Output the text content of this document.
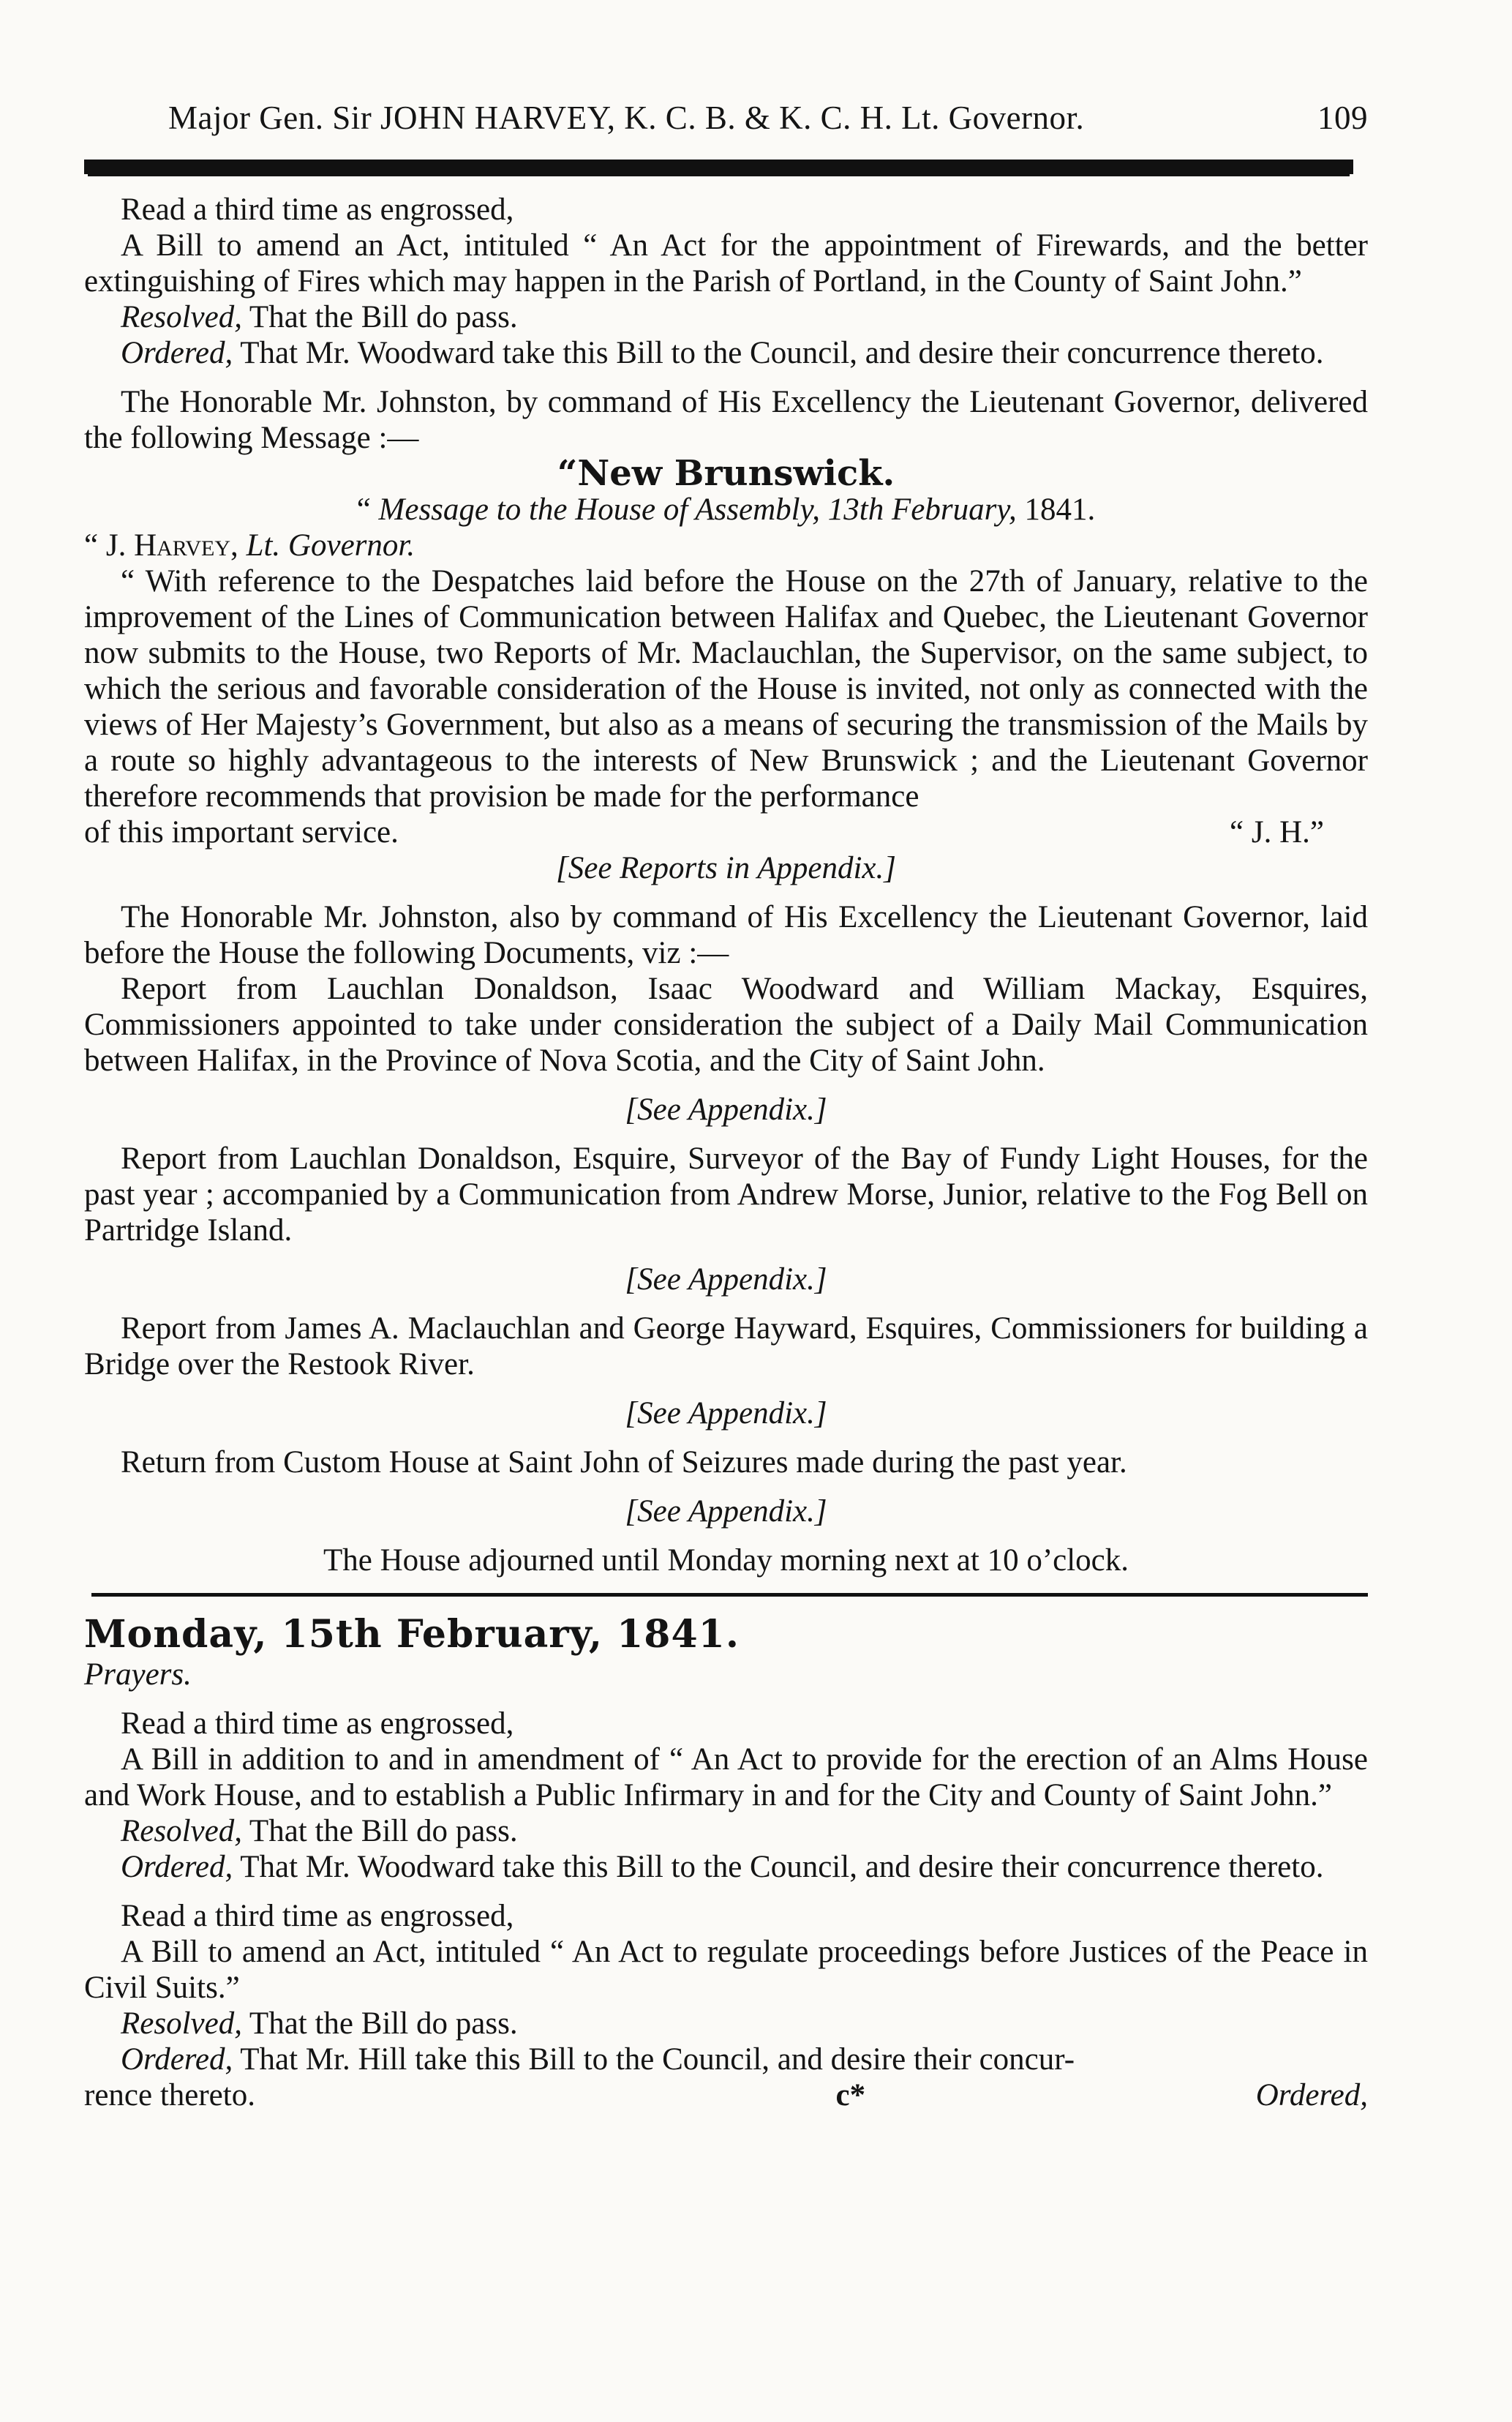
Major Gen. Sir JOHN HARVEY, K. C. B. & K. C. H. Lt. Governor.	109

Read a third time as engrossed,

A Bill to amend an Act, intituled “ An Act for the appointment of Firewards, and the better extinguishing of Fires which may happen in the Parish of Portland, in the County of Saint John.”

Resolved, That the Bill do pass.

Ordered, That Mr. Woodward take this Bill to the Council, and desire their concurrence thereto.

The Honorable Mr. Johnston, by command of His Excellency the Lieutenant Governor, delivered the following Message :—

“New Brunswick.

“ Message to the House of Assembly, 13th February, 1841.

“ J. Harvey, Lt. Governor.

“ With reference to the Despatches laid before the House on the 27th of January, relative to the improvement of the Lines of Communication between Halifax and Quebec, the Lieutenant Governor now submits to the House, two Reports of Mr. Maclauchlan, the Supervisor, on the same subject, to which the serious and favorable consideration of the House is invited, not only as connected with the views of Her Majesty’s Government, but also as a means of securing the transmission of the Mails by a route so highly advantageous to the interests of New Brunswick ; and the Lieutenant Governor therefore recommends that provision be made for the performance

of this important service.	“ J. H.”

[See Reports in Appendix.]

The Honorable Mr. Johnston, also by command of His Excellency the Lieutenant Governor, laid before the House the following Documents, viz :—

Report from Lauchlan Donaldson, Isaac Woodward and William Mackay, Esquires, Commissioners appointed to take under consideration the subject of a Daily Mail Communication between Halifax, in the Province of Nova Scotia, and the City of Saint John.

[See Appendix.]

Report from Lauchlan Donaldson, Esquire, Surveyor of the Bay of Fundy Light Houses, for the past year ; accompanied by a Communication from Andrew Morse, Junior, relative to the Fog Bell on Partridge Island.

[See Appendix.]

Report from James A. Maclauchlan and George Hayward, Esquires, Commissioners for building a Bridge over the Restook River.

[See Appendix.]

Return from Custom House at Saint John of Seizures made during the past year.

[See Appendix.]

The House adjourned until Monday morning next at 10 o’clock.

Monday, 15th February, 1841.

Prayers.

Read a third time as engrossed,

A Bill in addition to and in amendment of “ An Act to provide for the erection of an Alms House and Work House, and to establish a Public Infirmary in and for the City and County of Saint John.”

Resolved, That the Bill do pass.

Ordered, That Mr. Woodward take this Bill to the Council, and desire their concurrence thereto.

Read a third time as engrossed,

A Bill to amend an Act, intituled “ An Act to regulate proceedings before Justices of the Peace in Civil Suits.”

Resolved, That the Bill do pass.

Ordered, That Mr. Hill take this Bill to the Council, and desire their concur-

rence thereto.	c*	Ordered,
